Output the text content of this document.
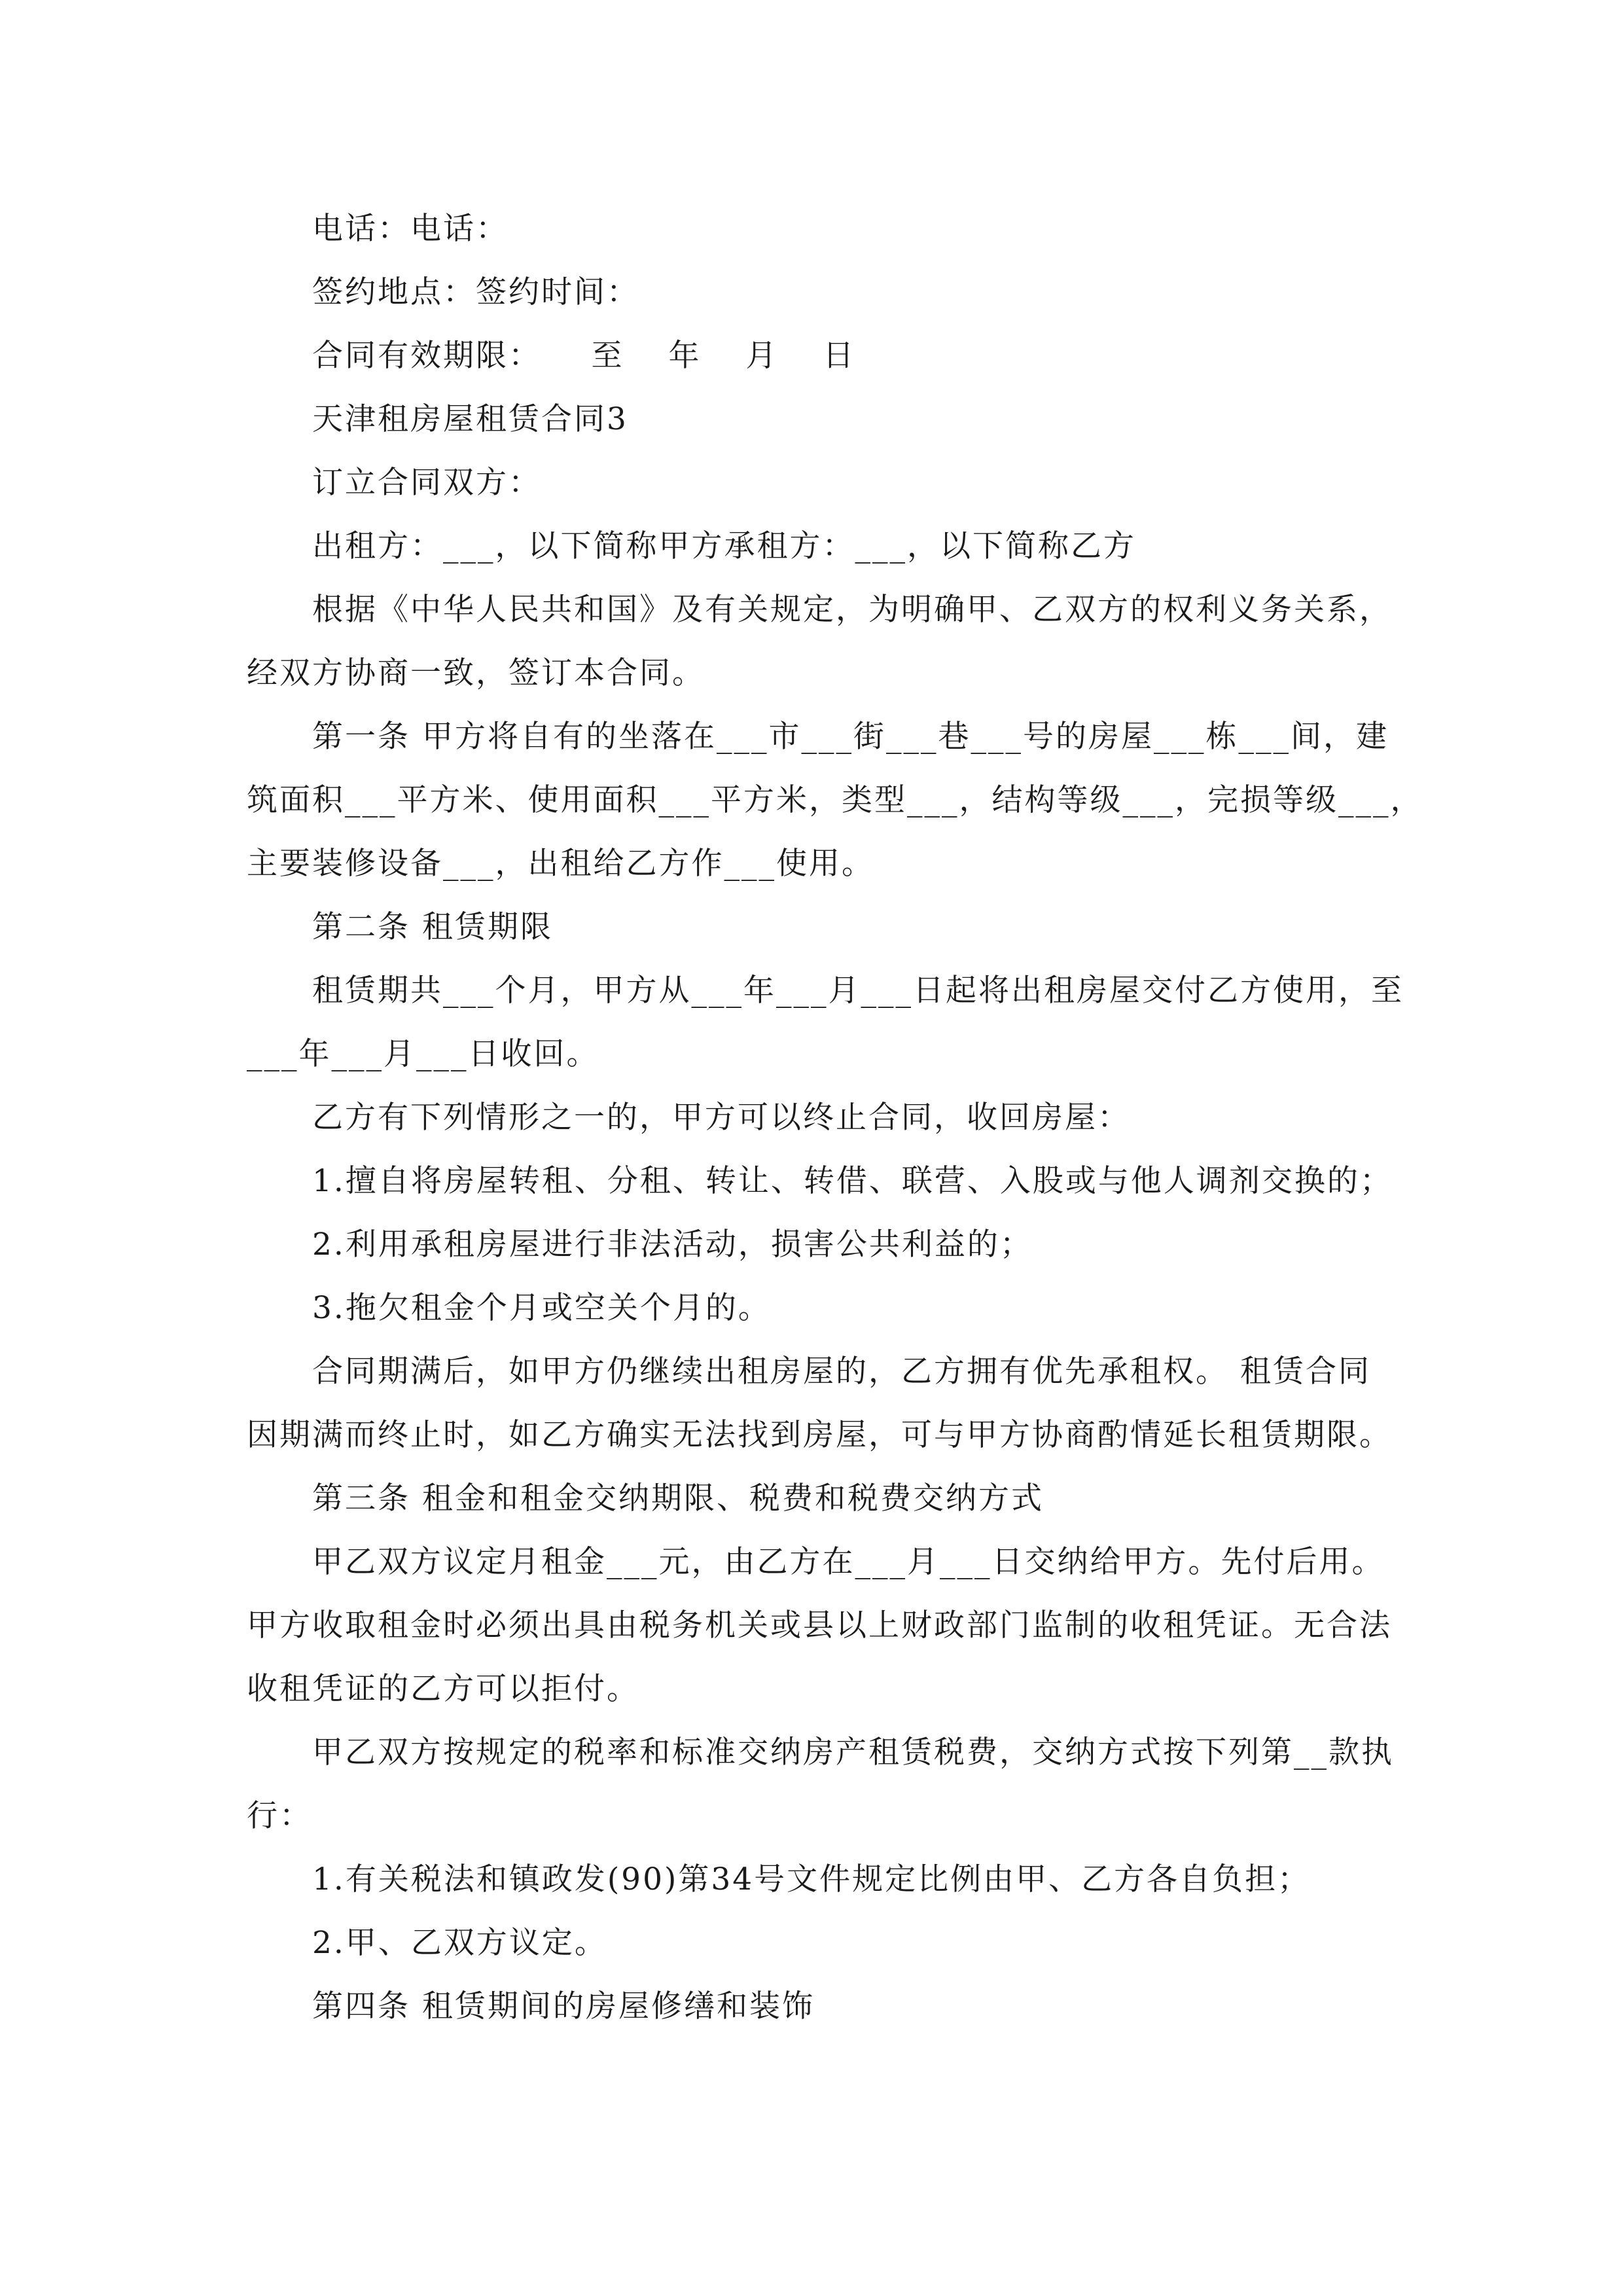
电话：电话：
签约地点：签约时间：
合同有效期限：　　至　 年　 月　 日
天津租房屋租赁合同3
订立合同双方：
出租方：___，以下简称甲方承租方：___，以下简称乙方
根据《中华人民共和国》及有关规定，为明确甲、乙双方的权利义务关系，
经双方协商一致，签订本合同。
第一条 甲方将自有的坐落在___市___街___巷___号的房屋___栋___间，建
筑面积___平方米、使用面积___平方米，类型___，结构等级___，完损等级___，
主要装修设备___，出租给乙方作___使用。
第二条 租赁期限
租赁期共___个月，甲方从___年___月___日起将出租房屋交付乙方使用，至
___年___月___日收回。
乙方有下列情形之一的，甲方可以终止合同，收回房屋：
1.擅自将房屋转租、分租、转让、转借、联营、入股或与他人调剂交换的；
2.利用承租房屋进行非法活动，损害公共利益的；
3.拖欠租金个月或空关个月的。
合同期满后，如甲方仍继续出租房屋的，乙方拥有优先承租权。 租赁合同
因期满而终止时，如乙方确实无法找到房屋，可与甲方协商酌情延长租赁期限。
第三条 租金和租金交纳期限、税费和税费交纳方式
甲乙双方议定月租金___元，由乙方在___月___日交纳给甲方。先付后用。
甲方收取租金时必须出具由税务机关或县以上财政部门监制的收租凭证。无合法
收租凭证的乙方可以拒付。
甲乙双方按规定的税率和标准交纳房产租赁税费，交纳方式按下列第__款执
行：
1.有关税法和镇政发(90)第34号文件规定比例由甲、乙方各自负担；
2.甲、乙双方议定。
第四条 租赁期间的房屋修缮和装饰
